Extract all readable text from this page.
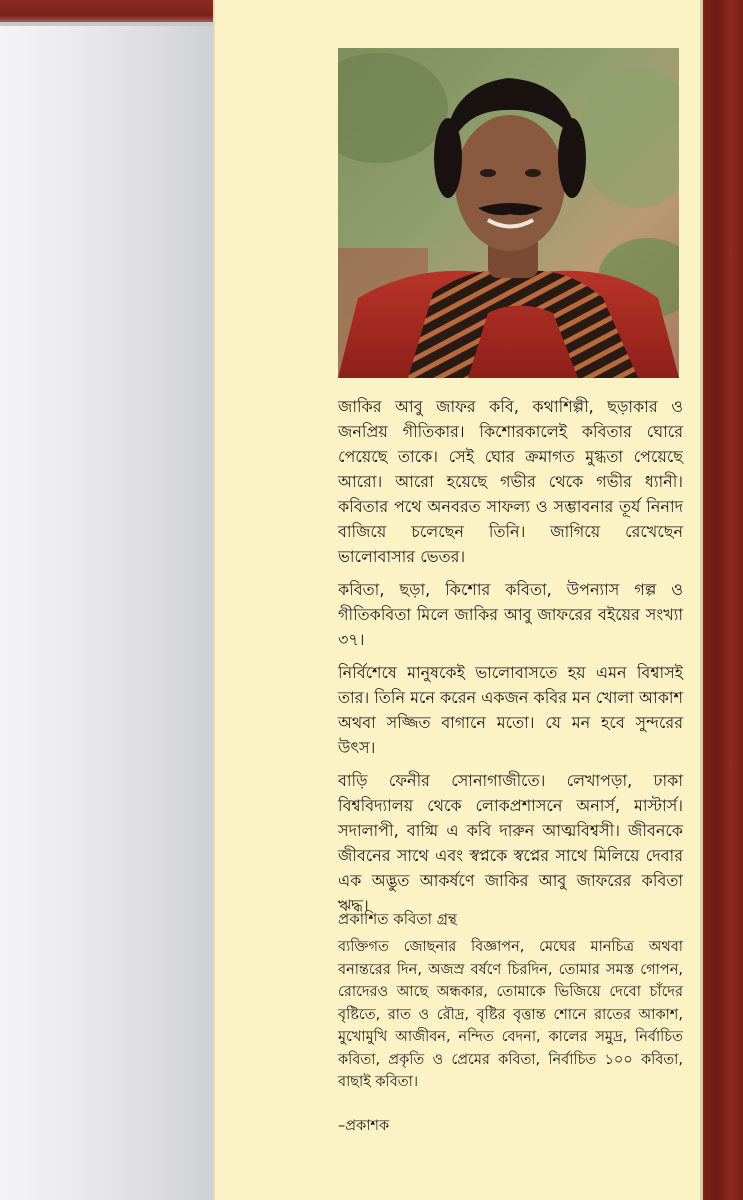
জাকির আবু জাফর কবি, কথাশিল্পী, ছড়াকার ও জনপ্রিয় গীতিকার। কিশোরকালেই কবিতার ঘোরে পেয়েছে তাকে। সেই ঘোর ক্রমাগত মুগ্ধতা পেয়েছে আরো। আরো হয়েছে গভীর থেকে গভীর ধ্যানী। কবিতার পথে অনবরত সাফল্য ও সম্ভাবনার তূর্য নিনাদ বাজিয়ে চলেছেন তিনি। জাগিয়ে রেখেছেন ভালোবাসার ভেতর।

কবিতা, ছড়া, কিশোর কবিতা, উপন্যাস গল্প ও গীতিকবিতা মিলে জাকির আবু জাফরের বইয়ের সংখ্যা ৩৭।

নির্বিশেষে মানুষকেই ভালোবাসতে হয় এমন বিশ্বাসই তার। তিনি মনে করেন একজন কবির মন খোলা আকাশ অথবা সজ্জিত বাগানে মতো। যে মন হবে সুন্দরের উৎস।

বাড়ি ফেনীর সোনাগাজীতে। লেখাপড়া, ঢাকা বিশ্ববিদ্যালয় থেকে লোকপ্রশাসনে অনার্স, মাস্টার্স। সদালাপী, বাগ্মি এ কবি দারুন আত্মবিশ্বসী। জীবনকে জীবনের সাথে এবং স্বপ্নকে স্বপ্নের সাথে মিলিয়ে দেবার এক অদ্ভুত আকর্ষণে জাকির আবু জাফরের কবিতা ঋদ্ধ।

প্রকাশিত কবিতা গ্রন্থ
ব্যক্তিগত জোছনার বিজ্ঞাপন, মেঘের মানচিত্র অথবা বনান্তরের দিন, অজস্র বর্ষণে চিরদিন, তোমার সমস্ত গোপন, রোদেরও আছে অন্ধকার, তোমাকে ভিজিয়ে দেবো চাঁদের বৃষ্টিতে, রাত ও রৌদ্র, বৃষ্টির বৃত্তান্ত শোনে রাতের আকাশ, মুখোমুখি আজীবন, নন্দিত বেদনা, কালের সমুদ্র, নির্বাচিত কবিতা, প্রকৃতি ও প্রেমের কবিতা, নির্বাচিত ১০০ কবিতা, বাছাই কবিতা।
–প্রকাশক
